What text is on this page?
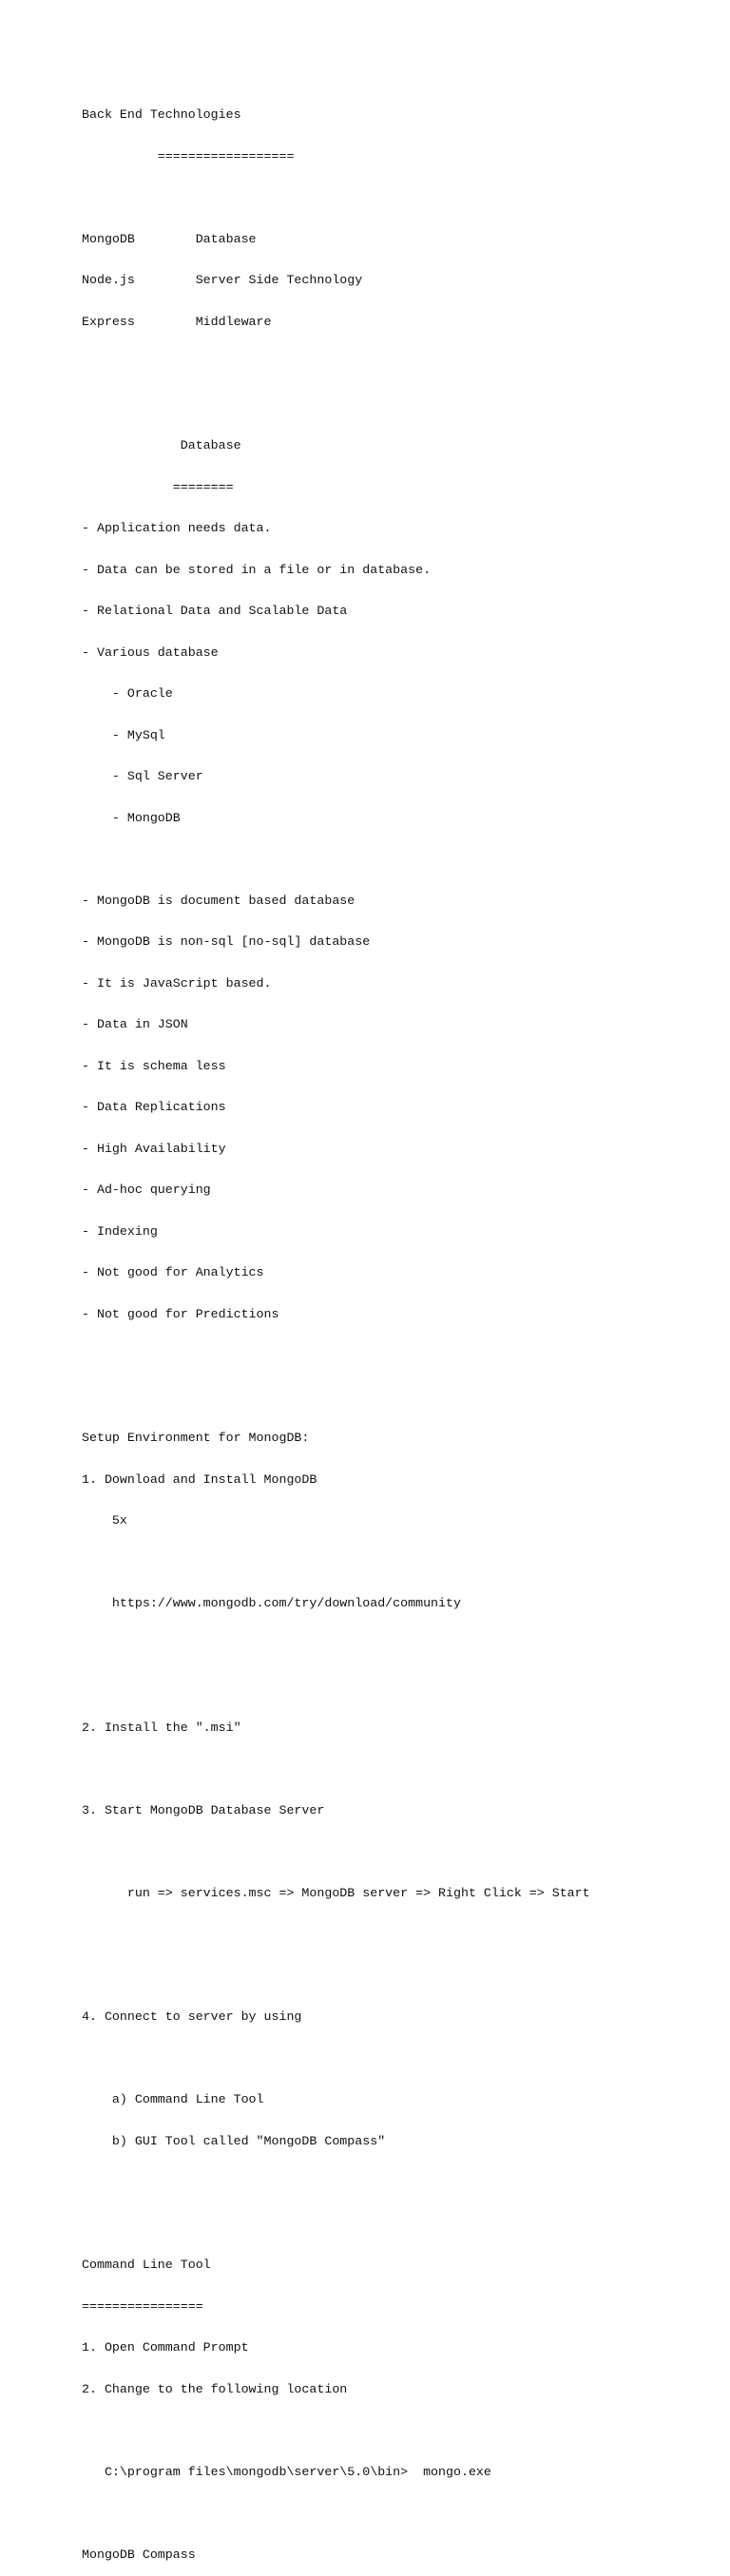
Back End Technologies

==================

MongoDB        Database

Node.js        Server Side Technology

Express        Middleware

Database

========

- Application needs data.

- Data can be stored in a file or in database.

- Relational Data and Scalable Data

- Various database

- Oracle

- MySql

- Sql Server

- MongoDB

- MongoDB is document based database

- MongoDB is non-sql [no-sql] database

- It is JavaScript based.

- Data in JSON

- It is schema less

- Data Replications

- High Availability

- Ad-hoc querying

- Indexing

- Not good for Analytics

- Not good for Predictions

Setup Environment for MonogDB:

1. Download and Install MongoDB

5x

https://www.mongodb.com/try/download/community

2. Install the ".msi"

3. Start MongoDB Database Server

run => services.msc => MongoDB server => Right Click => Start

4. Connect to server by using

a) Command Line Tool

b) GUI Tool called "MongoDB Compass"

Command Line Tool

================

1. Open Command Prompt

2. Change to the following location

C:\program files\mongodb\server\5.0\bin>  mongo.exe

MongoDB Compass
